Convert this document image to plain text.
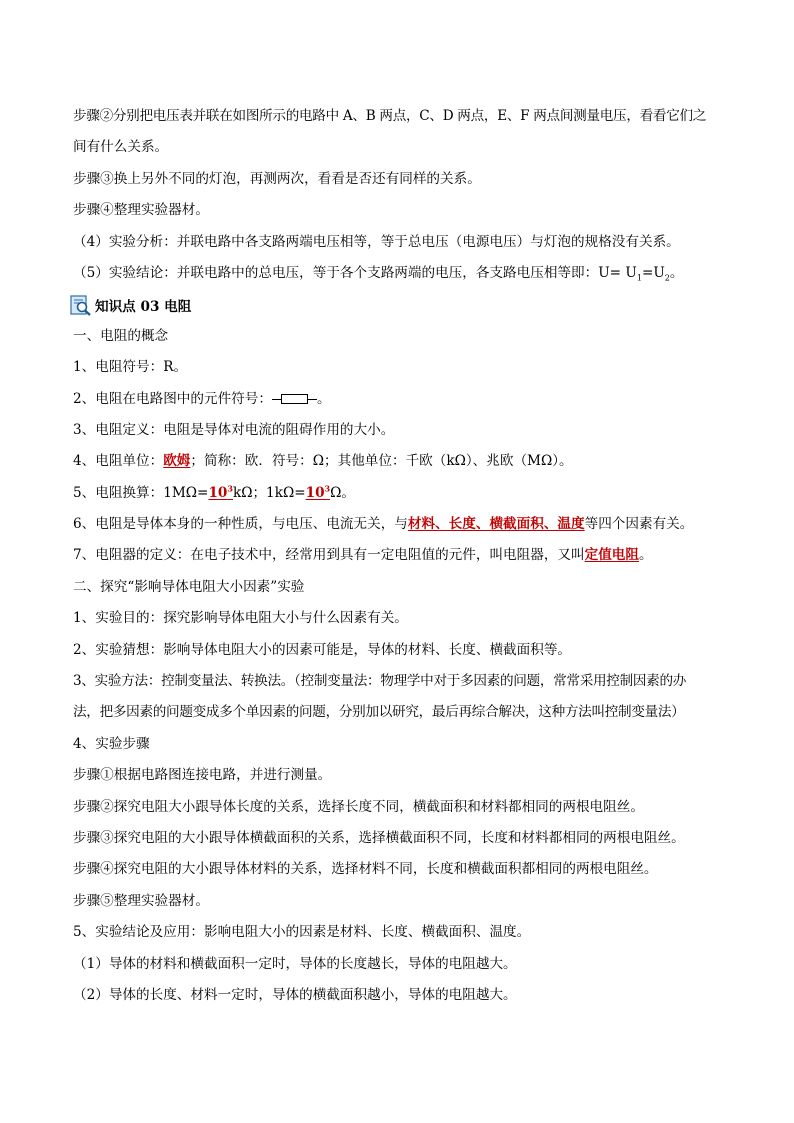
步骤②分别把电压表并联在如图所示的电路中 A、B 两点，C、D 两点，E、F 两点间测量电压，看看它们之
间有什么关系。
步骤③换上另外不同的灯泡，再测两次，看看是否还有同样的关系。
步骤④整理实验器材。
（4）实验分析：并联电路中各支路两端电压相等，等于总电压（电源电压）与灯泡的规格没有关系。
（5）实验结论：并联电路中的总电压，等于各个支路两端的电压，各支路电压相等即：$U= U_1=U_2$。
知识点 03 电阻
一、电阻的概念
1、电阻符号：R。
2、电阻在电路图中的元件符号：	。
3、电阻定义：电阻是导体对电流的阻碍作用的大小。
4、电阻单位：欧姆；简称：欧．符号：Ω；其他单位：千欧（kΩ）、兆欧（MΩ）。
5、电阻换算：$1M\Omega=10^3k\Omega$；$1k\Omega=10^3\Omega$。
6、电阻是导体本身的一种性质，与电压、电流无关，与材料、长度、横截面积、温度等四个因素有关。
7、电阻器的定义：在电子技术中，经常用到具有一定电阻值的元件，叫电阻器，又叫定值电阻。
二、探究“影响导体电阻大小因素”实验
1、实验目的：探究影响导体电阻大小与什么因素有关。
2、实验猜想：影响导体电阻大小的因素可能是，导体的材料、长度、横截面积等。
3、实验方法：控制变量法、转换法。（控制变量法：物理学中对于多因素的问题，常常采用控制因素的办
法，把多因素的问题变成多个单因素的问题，分别加以研究，最后再综合解决，这种方法叫控制变量法）
4、实验步骤
步骤①根据电路图连接电路，并进行测量。
步骤②探究电阻大小跟导体长度的关系，选择长度不同，横截面积和材料都相同的两根电阻丝。
步骤③探究电阻的大小跟导体横截面积的关系，选择横截面积不同，长度和材料都相同的两根电阻丝。
步骤④探究电阻的大小跟导体材料的关系，选择材料不同，长度和横截面积都相同的两根电阻丝。
步骤⑤整理实验器材。
5、实验结论及应用：影响电阻大小的因素是材料、长度、横截面积、温度。
（1）导体的材料和横截面积一定时，导体的长度越长，导体的电阻越大。
（2）导体的长度、材料一定时，导体的横截面积越小，导体的电阻越大。
